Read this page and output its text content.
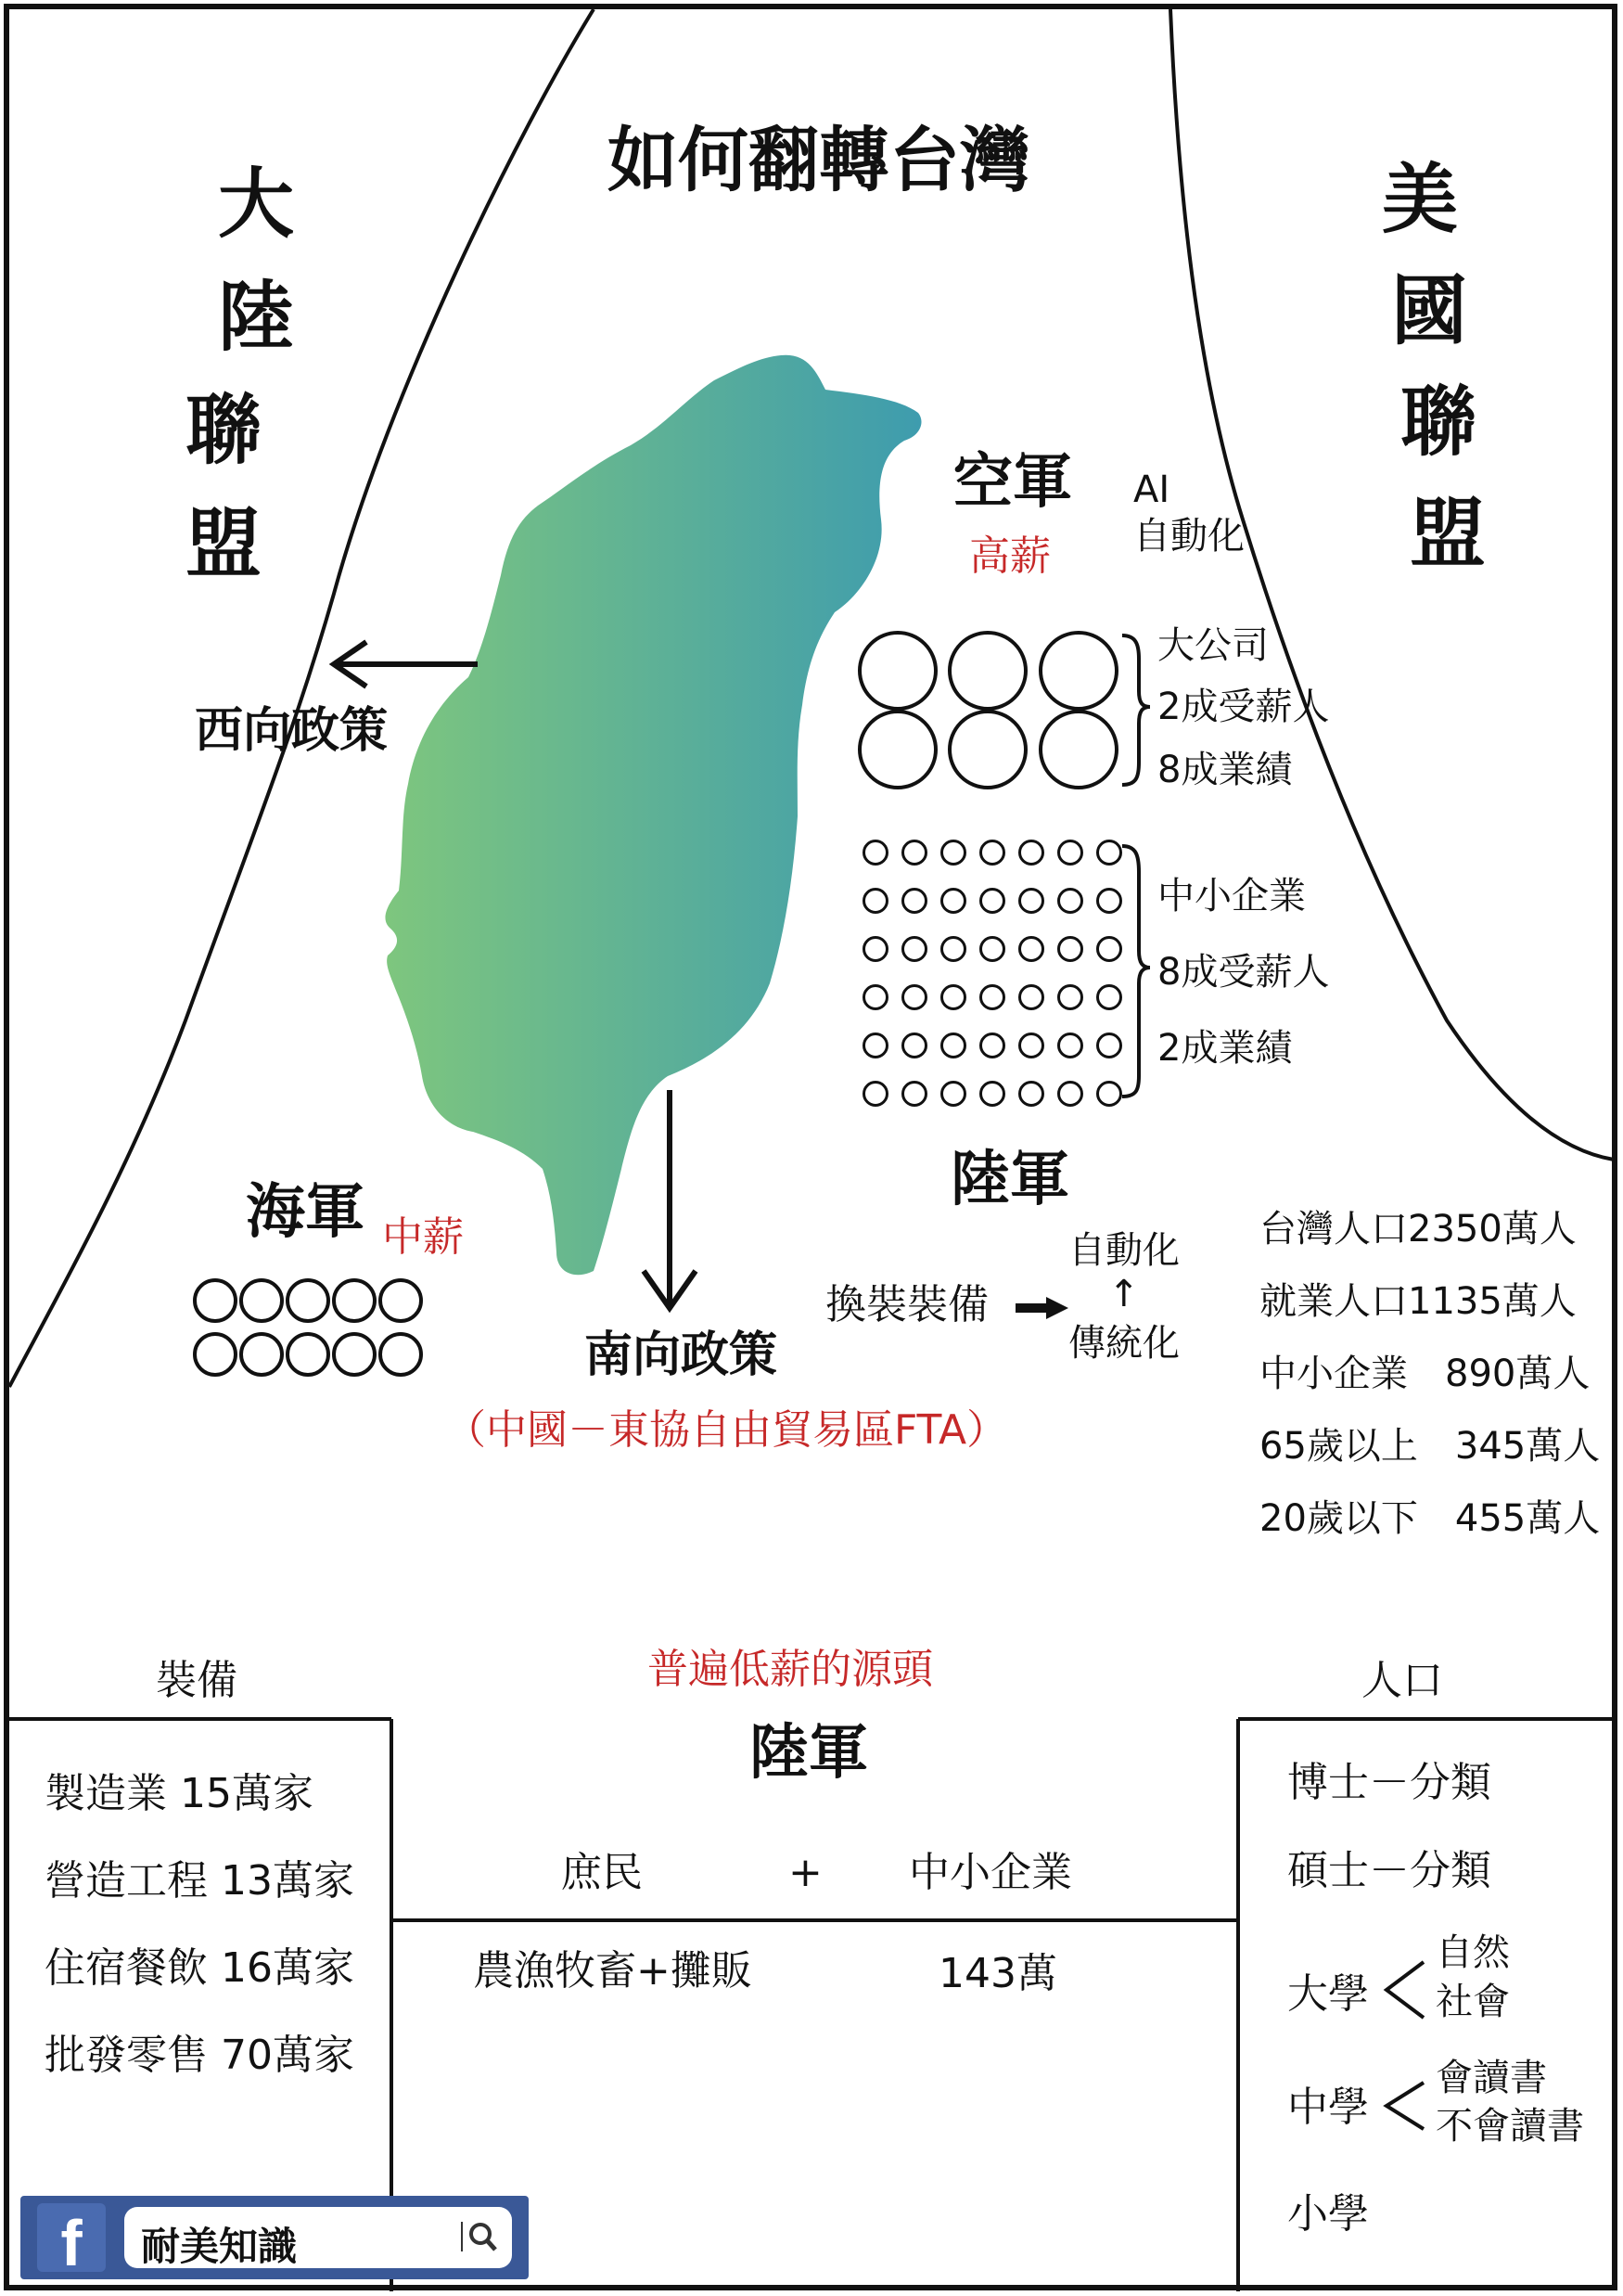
如何翻轉台灣
大
陸
聯
盟
美
國
聯
盟
西向政策
空軍
高薪
AI
自動化
大公司
2成受薪人
8成業績
中小企業
8成受薪人
2成業績
陸軍
換裝裝備
自動化
↑
傳統化
海軍 中薪
南向政策
（中國－東協自由貿易區FTA）
台灣人口2350萬人
就業人口1135萬人
中小企業　890萬人
65歲以上　345萬人
20歲以下　455萬人
裝備	普遍低薪的源頭	人口
製造業 15萬家
營造工程 13萬家
住宿餐飲 16萬家
批發零售 70萬家
陸軍
庶民	+ 中小企業
農漁牧畜+攤販	143萬
博士－分類
碩士－分類
大學
自然
社會
中學
會讀書
不會讀書
小學
f	耐美知識
